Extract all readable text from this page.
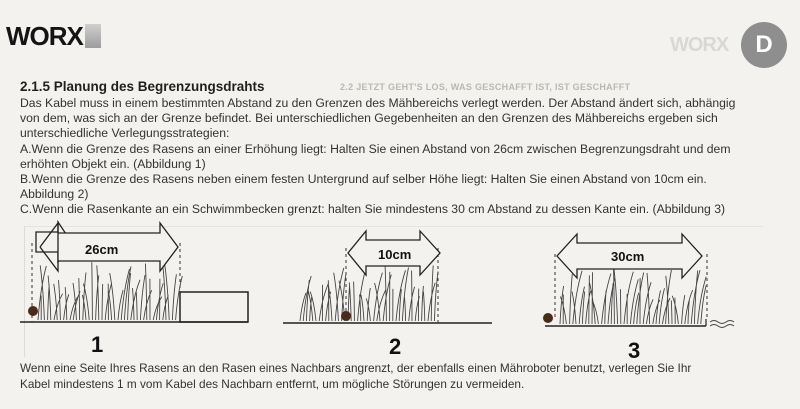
WORX	WORX	D
2.2 JETZT GEHT'S LOS, WAS GESCHAFFT IST, IST GESCHAFFT
2.1.5 Planung des Begrenzungsdrahts

Das Kabel muss in einem bestimmten Abstand zu den Grenzen des Mähbereichs verlegt werden. Der Abstand ändert sich, abhängig

von dem, was sich an der Grenze befindet. Bei unterschiedlichen Gegebenheiten an den Grenzen des Mähbereichs ergeben sich

unterschiedliche Verlegungsstrategien:

A.Wenn die Grenze des Rasens an einer Erhöhung liegt: Halten Sie einen Abstand von 26cm zwischen Begrenzungsdraht und dem

erhöhten Objekt ein. (Abbildung 1)

B.Wenn die Grenze des Rasens neben einem festen Untergrund auf selber Höhe liegt: Halten Sie einen Abstand von 10cm ein.

Abbildung 2)

C.Wenn die Rasenkante an ein Schwimmbecken grenzt: halten Sie mindestens 30 cm Abstand zu dessen Kante ein. (Abbildung 3)

26cm	10cm	30cm
1	2	3

Wenn eine Seite Ihres Rasens an den Rasen eines Nachbars angrenzt, der ebenfalls einen Mähroboter benutzt, verlegen Sie Ihr

Kabel mindestens 1 m vom Kabel des Nachbarn entfernt, um mögliche Störungen zu vermeiden.
